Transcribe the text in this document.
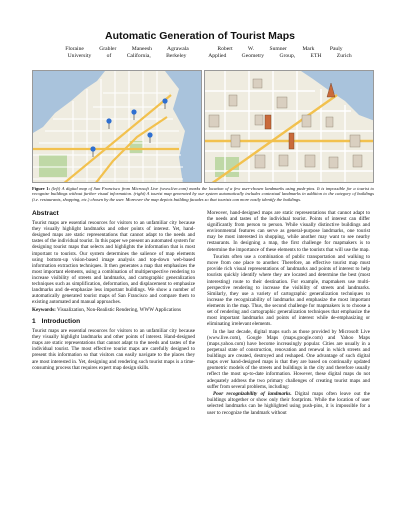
Automatic Generation of Tourist Maps
Floraine Grabler	Maneesh Agrawala
University of California, Berkeley
Robert W. Sumner	Mark Pauly
Applied Geometry Group, ETH Zurich
Figure 1: (left) A digital map of San Francisco from Microsoft Live (www.live.com) marks the location of a few user-chosen landmarks using push-pins. It is impossible for a tourist to recognize buildings without further visual information. (right) A tourist map generated by our system automatically includes contextual landmarks in addition to the category of buildings (i.e. restaurants, shopping, etc.) chosen by the user. Moreover the map depicts building facades so that tourists can more easily identify the buildings.
Abstract

Tourist maps are essential resources for visitors to an unfamiliar city because they visually highlight landmarks and other points of interest. Yet, hand-designed maps are static representations that cannot adapt to the needs and tastes of the individual tourist. In this paper we present an automated system for designing tourist maps that selects and highlights the information that is most important to tourists. Our system determines the salience of map elements using bottom-up vision-based image analysis and top-down web-based information extraction techniques. It then generates a map that emphasizes the most important elements, using a combination of multiperspective rendering to increase visibility of streets and landmarks, and cartographic generalization techniques such as simplification, deformation, and displacement to emphasize landmarks and de-emphasize less important buildings. We show a number of automatically generated tourist maps of San Francisco and compare them to existing automated and manual approaches.

Keywords: Visualization, Non-Realistic Rendering, WWW Applications

1 Introduction

Tourist maps are essential resources for visitors to an unfamiliar city because they visually highlight landmarks and other points of interest. Hand-designed maps are static representations that cannot adapt to the needs and tastes of the individual tourist. The most effective tourist maps are carefully designed to present this information so that visitors can easily navigate to the places they are most interested in. Yet, designing and rendering such tourist maps is a time-consuming process that requires expert map design skills.

Moreover, hand-designed maps are static representations that cannot adapt to the needs and tastes of the individual tourist. Points of interest can differ significantly from person to person. While visually distinctive buildings and environmental features can serve as general-purpose landmarks, one tourist may be most interested in shopping, while another may want to see nearby restaurants. In designing a map, the first challenge for mapmakers is to determine the importance of these elements to the tourists that will use the map.

Tourists often use a combination of public transportation and walking to move from one place to another. Therefore, an effective tourist map must provide rich visual representations of landmarks and points of interest to help tourists quickly identify where they are located and determine the best (most interesting) route to their destination. For example, mapmakers use multi-perspective rendering to increase the visibility of streets and landmarks. Similarly, they use a variety of cartographic generalization techniques to increase the recognizability of landmarks and emphasize the most important elements in the map. Thus, the second challenge for mapmakers is to choose a set of rendering and cartographic generalization techniques that emphasize the most important landmarks and points of interest while de-emphasizing or eliminating irrelevant elements.

In the last decade, digital maps such as those provided by Microsoft Live (www.live.com), Google Maps (maps.google.com) and Yahoo Maps (maps.yahoo.com) have become increasingly popular. Cities are usually in a perpetual state of construction, renovation and renewal in which streets and buildings are created, destroyed and reshaped. One advantage of such digital maps over hand-designed maps is that they are based on continually updated geometric models of the streets and buildings in the city and therefore usually reflect the most up-to-date information. However, these digital maps do not adequately address the two primary challenges of creating tourist maps and suffer from several problems, including:

Poor recognizability of landmarks. Digital maps often leave out the buildings altogether or show only their footprints. While the location of user selected landmarks can be highlighted using push-pins, it is impossible for a user to recognize the landmark without
